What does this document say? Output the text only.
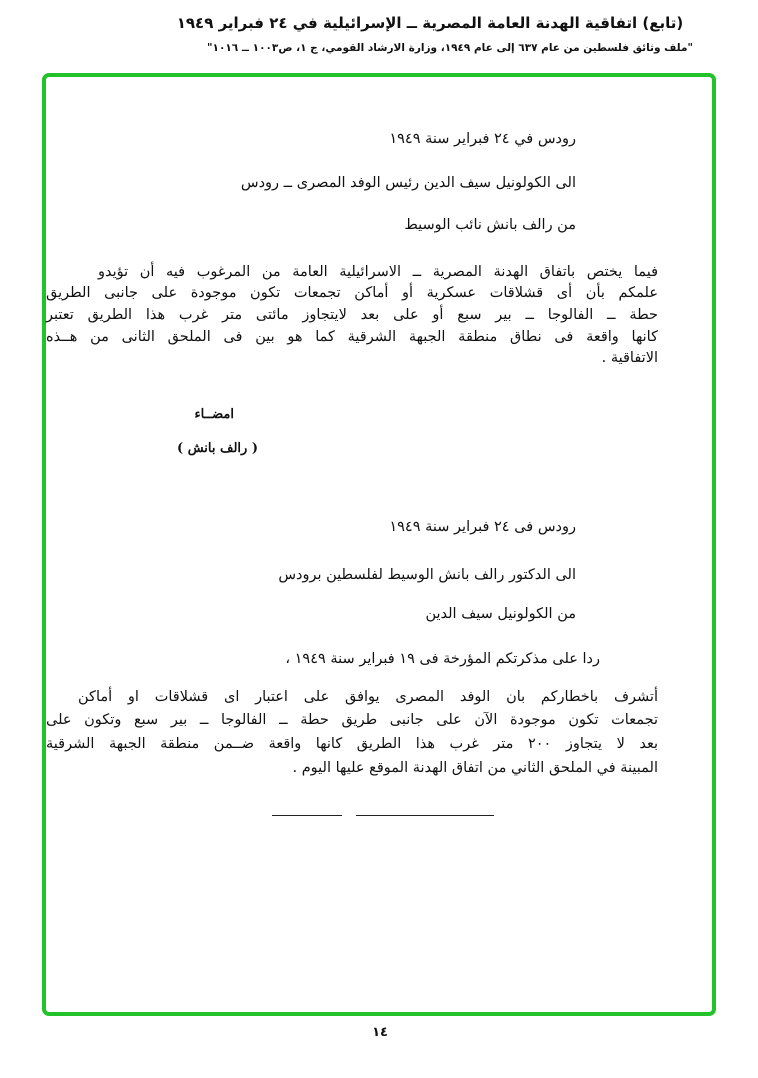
(تابع) اتفاقية الهدنة العامة المصرية ــ الإسرائيلية في ٢٤ فبراير ١٩٤٩
"ملف وثائق فلسطين من عام ٦٣٧ إلى عام ١٩٤٩، وزارة الارشاد القومي، ج ١، ص١٠٠٣ ــ ١٠١٦"
رودس في ٢٤ فبراير سنة ١٩٤٩
الى الكولونيل سيف الدين رئيس الوفد المصرى ــ رودس
من رالف بانش نائب الوسيط
فيما يختص باتفاق الهدنة المصرية ــ الاسرائيلية العامة من المرغوب فيه أن تؤيدو
علمكم بأن أى قشلاقات عسكرية أو أماكن تجمعات تكون موجودة على جانبى الطريق
حطة ــ الفالوجا ــ بير سبع أو على بعد لايتجاوز مائتى متر غرب هذا الطريق تعتبر
كانها واقعة فى نطاق منطقة الجبهة الشرقية كما هو بين فى الملحق الثانى من هــذه
الاتفاقية .
امضــاء
( رالف بانش )
رودس فى ٢٤ فبراير سنة ١٩٤٩
الى الدكتور رالف بانش الوسيط لفلسطين برودس
من الكولونيل سيف الدين
ردا على مذكرتكم المؤرخة فى ١٩ فبراير سنة ١٩٤٩ ،
أتشرف باخطاركم بان الوفد المصرى يوافق على اعتبار اى قشلاقات او أماكن
تجمعات تكون موجودة الآن على جانبى طريق حطة ــ الفالوجا ــ بير سبع وتكون على
بعد لا يتجاوز ٢٠٠ متر غرب هذا الطريق كانها واقعة ضــمن منطقة الجبهة الشرقية
المبينة في الملحق الثاني من اتفاق الهدنة الموقع عليها اليوم .
١٤
